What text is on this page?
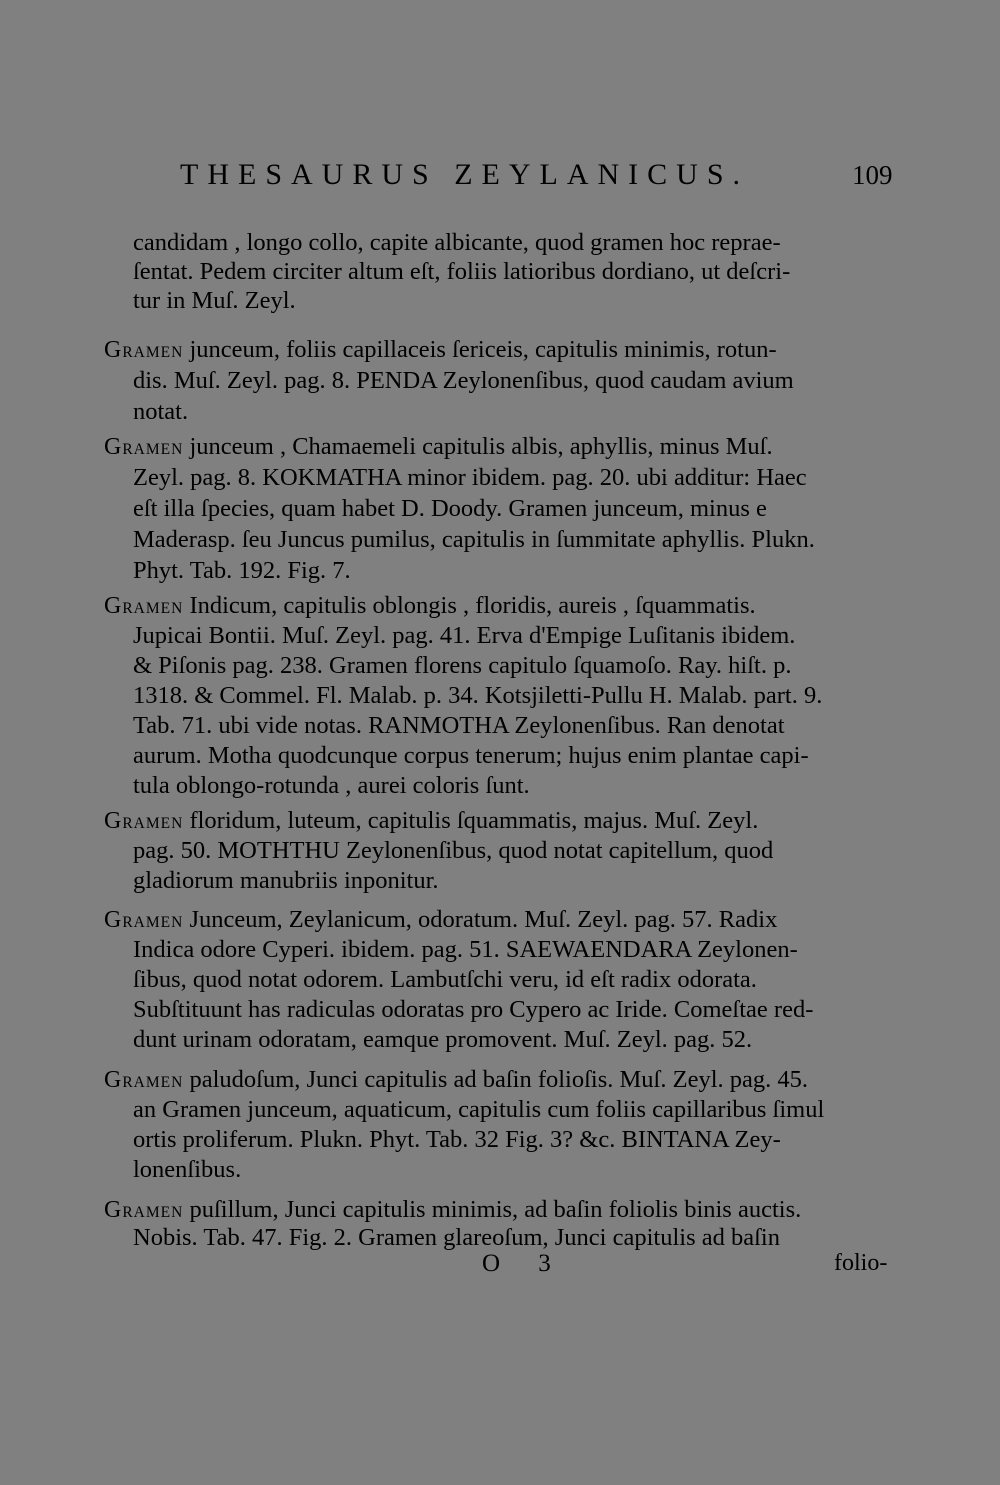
THESAURUS ZEYLANICUS.	109
candidam , longo collo, capite albicante, quod gramen hoc reprae-
ſentat. Pedem circiter altum eſt, foliis latioribus dordiano, ut deſcri-
tur in Muſ. Zeyl.
GRAMEN junceum, foliis capillaceis ſericeis, capitulis minimis, rotun-
dis. Muſ. Zeyl. pag. 8. PENDA Zeylonenſibus, quod caudam avium
notat.
GRAMEN junceum , Chamaemeli capitulis albis, aphyllis, minus Muſ.
Zeyl. pag. 8. KOKMATHA minor ibidem. pag. 20. ubi additur: Haec
eſt illa ſpecies, quam habet D. Doody. Gramen junceum, minus e
Maderasp. ſeu Juncus pumilus, capitulis in ſummitate aphyllis. Plukn.
Phyt. Tab. 192. Fig. 7.
GRAMEN Indicum, capitulis oblongis , floridis, aureis , ſquammatis.
Jupicai Bontii. Muſ. Zeyl. pag. 41. Erva d'Empige Luſitanis ibidem.
& Piſonis pag. 238. Gramen florens capitulo ſquamoſo. Ray. hiſt. p.
1318. & Commel. Fl. Malab. p. 34. Kotsjiletti-Pullu H. Malab. part. 9.
Tab. 71. ubi vide notas. RANMOTHA Zeylonenſibus. Ran denotat
aurum. Motha quodcunque corpus tenerum; hujus enim plantae capi-
tula oblongo-rotunda , aurei coloris ſunt.
GRAMEN floridum, luteum, capitulis ſquammatis, majus. Muſ. Zeyl.
pag. 50. MOTHTHU Zeylonenſibus, quod notat capitellum, quod
gladiorum manubriis inponitur.
GRAMEN Junceum, Zeylanicum, odoratum. Muſ. Zeyl. pag. 57. Radix
Indica odore Cyperi. ibidem. pag. 51. SAEWAENDARA Zeylonen-
ſibus, quod notat odorem. Lambutſchi veru, id eſt radix odorata.
Subſtituunt has radiculas odoratas pro Cypero ac Iride. Comeſtae red-
dunt urinam odoratam, eamque promovent. Muſ. Zeyl. pag. 52.
GRAMEN paludoſum, Junci capitulis ad baſin folioſis. Muſ. Zeyl. pag. 45.
an Gramen junceum, aquaticum, capitulis cum foliis capillaribus ſimul
ortis proliferum. Plukn. Phyt. Tab. 32 Fig. 3? &c. BINTANA Zey-
lonenſibus.
GRAMEN puſillum, Junci capitulis minimis, ad baſin foliolis binis auctis.
Nobis. Tab. 47. Fig. 2. Gramen glareoſum, Junci capitulis ad baſin
O 3	folio-
